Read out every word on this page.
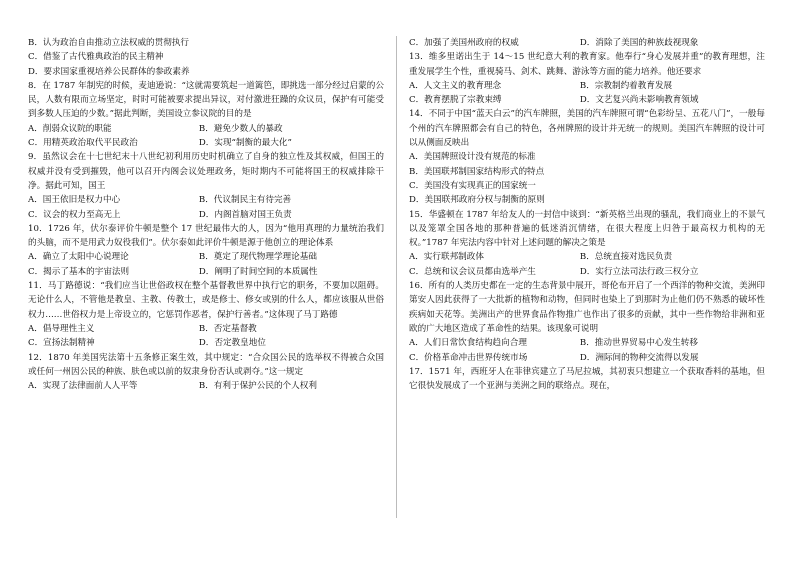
B．认为政治自由推动立法权威的贯彻执行

C．借鉴了古代雅典政治的民主精神

D．要求国家重视培养公民群体的参政素养

8．在 1787 年制宪的时候，麦迪逊说：“这就需要筑起一道篱笆，即挑选一部分经过启蒙的公民，人数有限而立场坚定，时时可能被要求提出异议，对付激进狂躁的众议员，保护有可能受到多数人压迫的少数。”据此判断，美国设立参议院的目的是

A．削弱众议院的职能	B．避免少数人的暴政
C．用精英政治取代平民政治	D．实现“制衡的最大化”

9．虽然议会在十七世纪末十八世纪初利用历史时机确立了自身的独立性及其权威，但国王的权威并没有受到摧毁，他可以召开内阁会议处理政务，矩时期内不可能将国王的权威排除干净。据此可知，国王

A．国王依旧是权力中心	B．代议制民主有待完善
C．议会的权力至高无上	D．内阁首脑对国王负责

10．1726 年，伏尔泰评价牛顿是整个 17 世纪最伟大的人，因为“他用真理的力量统治我们的头脑，而不是用武力奴役我们”。伏尔泰如此评价牛顿是源于他创立的理论体系

A．确立了太阳中心说理论	B．奠定了现代物理学理论基础
C．揭示了基本的宇宙法则	D．阐明了时间空间的本质属性

11．马丁路德说：“我们应当让世俗政权在整个基督教世界中执行它的职务，不要加以阻碍。无论什么人，不管他是教皇、主教、传教士，或是修士、修女或别的什么人，都应该服从世俗权力……世俗权力是上帝设立的，它惩罚作恶者，保护行善者。”这体现了马丁路德

A．倡导理性主义	B．否定基督教
C．宣扬法制精神	D．否定教皇地位

12．1870 年美国宪法第十五条修正案生效，其中规定：“合众国公民的选举权不得被合众国或任何一州因公民的种族、肤色或以前的奴隶身份否认或剥夺。”这一规定

A．实现了法律面前人人平等	B．有利于保护公民的个人权利
C．加强了美国州政府的权威	D．消除了美国的种族歧视现象

13．维多里诺出生于 14～15 世纪意大利的教育家。他奉行“身心发展并重”的教育理想，注重发展学生个性，重视骑马、剑术、跳舞、游泳等方面的能力培养。他还要求

A．人文主义的教育理念	B．宗教制约着教育发展
C．教育摆脱了宗教束缚	D．文艺复兴尚未影响教育领域

14．不同于中国“蓝天白云”的汽车牌照，美国的汽车牌照可谓“色彩纷呈、五花八门”，一般每个州的汽车牌照都会有自己的特色，各州牌照的设计并无统一的规则。美国汽车牌照的设计可以从侧面反映出

A．美国牌照设计没有规范的标准

B．美国联邦制国家结构形式的特点

C．美国没有实现真正的国家统一

D．美国联邦政府分权与制衡的原则

15．华盛顿在 1787 年给友人的一封信中谈到：“新英格兰出现的骚乱，我们商业上的不景气以及笼罩全国各地的那种普遍的低迷消沉情绪，在很大程度上归咎于最高权力机构的无权。”1787 年宪法内容中针对上述问题的解决之策是

A．实行联邦制政体	B．总统直接对选民负责
C．总统和议会议员都由选举产生	D．实行立法司法行政三权分立

16．所有的人类历史都在一定的生态背景中展开，哥伦布开启了一个西洋的物种交流，美洲印第安人因此获得了一大批新的植物和动物，但同时也染上了到那时为止他们仍不熟悉的破坏性疾病如天花等。美洲出产的世界食品作物推广也作出了很多的贡献，其中一些作物给非洲和亚欧的广大地区造成了革命性的结果。该现象可说明

A．人们日常饮食结构趋向合理	B．推动世界贸易中心发生转移
C．价格革命冲击世界传统市场	D．洲际间的物种交流得以发展

17．1571 年，西班牙人在菲律宾建立了马尼拉城，其初衷只想建立一个获取香料的基地，但它很快发展成了一个亚洲与美洲之间的联络点。现在，
